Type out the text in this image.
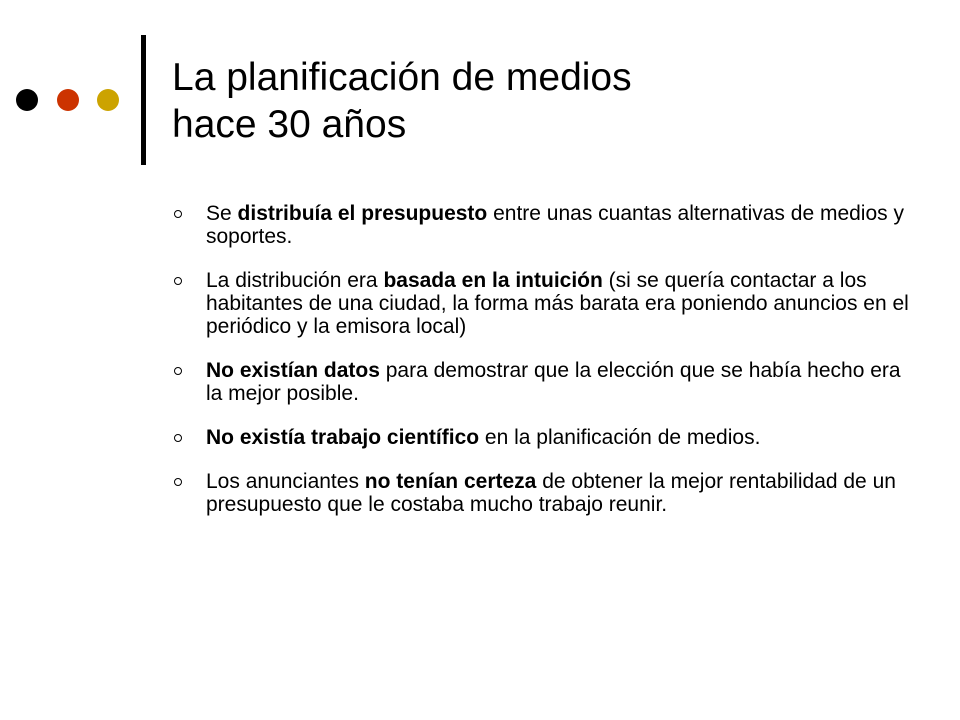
La planificación de medios
hace 30 años
Se distribuía el presupuesto entre unas cuantas alternativas de medios y soportes.
La distribución era basada en la intuición (si se quería contactar a los habitantes de una ciudad, la forma más barata era poniendo anuncios en el periódico y la emisora local)
No existían datos para demostrar que la elección que se había hecho era la mejor posible.
No existía trabajo científico en la planificación de medios.
Los anunciantes no tenían certeza de obtener la mejor rentabilidad de un presupuesto que le costaba mucho trabajo reunir.
